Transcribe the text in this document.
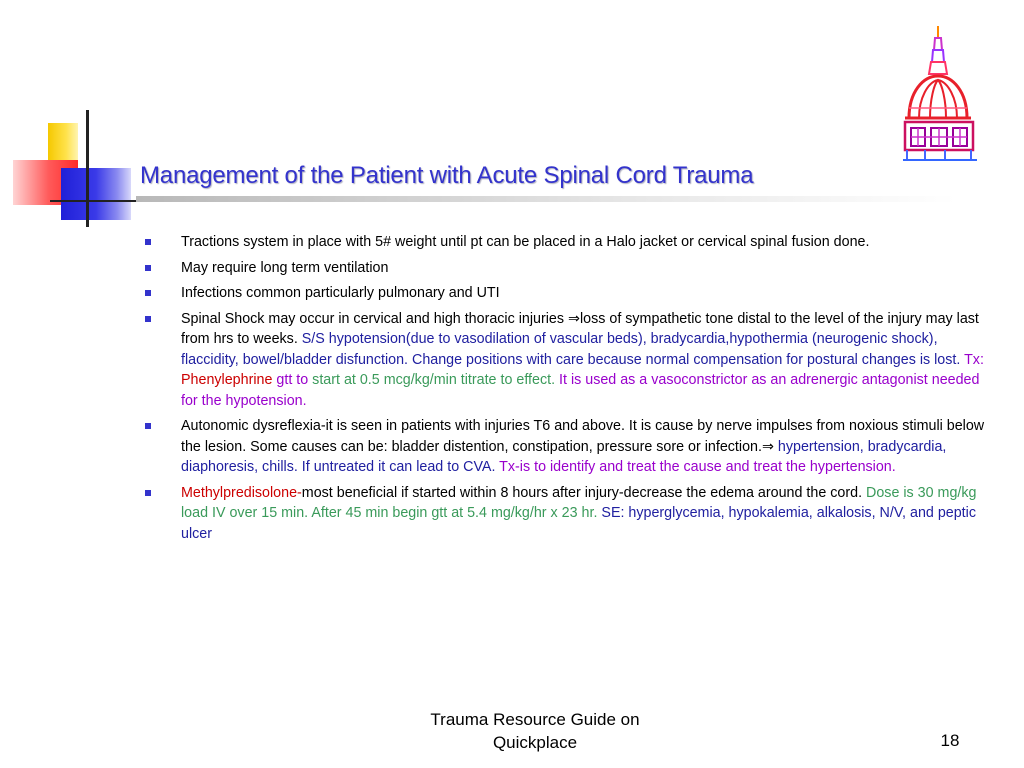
Management of the Patient with Acute Spinal Cord Trauma
Tractions system in place with 5# weight until pt can be placed in a Halo jacket or cervical spinal fusion done.
May require long term ventilation
Infections common particularly pulmonary and UTI
Spinal Shock may occur in cervical and high thoracic injuries ⇒loss of sympathetic tone distal to the level of the injury may last from hrs to weeks. S/S hypotension(due to vasodilation of vascular beds), bradycardia,hypothermia (neurogenic shock), flaccidity, bowel/bladder disfunction. Change positions with care because normal compensation for postural changes is lost. Tx: Phenylephrine gtt to start at 0.5 mcg/kg/min titrate to effect. It is used as a vasoconstrictor as an adrenergic antagonist needed for the hypotension.
Autonomic dysreflexia-it is seen in patients with injuries T6 and above. It is cause by nerve impulses from noxious stimuli below the lesion. Some causes can be: bladder distention, constipation, pressure sore or infection.⇒ hypertension, bradycardia, diaphoresis, chills. If untreated it can lead to CVA. Tx-is to identify and treat the cause and treat the hypertension.
Methylpredisolone-most beneficial if started within 8 hours after injury-decrease the edema around the cord. Dose is 30 mg/kg load IV over 15 min. After 45 min begin gtt at 5.4 mg/kg/hr x 23 hr. SE: hyperglycemia, hypokalemia, alkalosis, N/V, and peptic ulcer
Trauma Resource Guide on Quickplace	18
